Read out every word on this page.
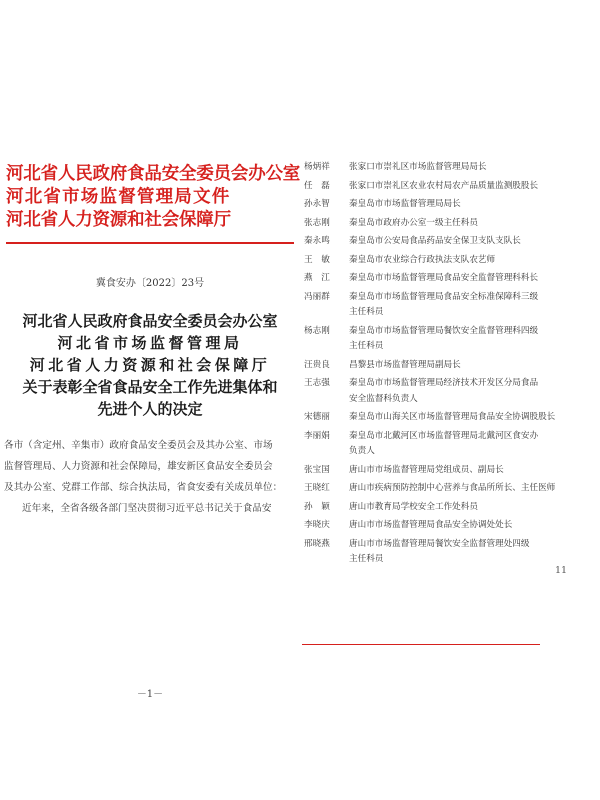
河北省人民政府食品安全委员会办公室
河北省市场监督管理局文件
河北省人力资源和社会保障厅
冀食安办〔2022〕23号
河北省人民政府食品安全委员会办公室
河北省市场监督管理局
河北省人力资源和社会保障厅
关于表彰全省食品安全工作先进集体和
先进个人的决定
各市（含定州、辛集市）政府食品安全委员会及其办公室、市场
监督管理局、人力资源和社会保障局，雄安新区食品安全委员会
及其办公室、党群工作部、综合执法局，省食安委有关成员单位：
近年来，全省各级各部门坚决贯彻习近平总书记关于食品安
－1－
杨炳祥	张家口市崇礼区市场监督管理局局长
任　磊	张家口市崇礼区农业农村局农产品质量监测股股长
孙永智	秦皇岛市市场监督管理局局长
张志刚	秦皇岛市政府办公室一级主任科员
秦永鸣	秦皇岛市公安局食品药品安全保卫支队支队长
王　敏	秦皇岛市农业综合行政执法支队农艺师
燕　江	秦皇岛市市场监督管理局食品安全监督管理科科长
冯丽群	秦皇岛市市场监督管理局食品安全标准保障科三级
主任科员
杨志刚	秦皇岛市市场监督管理局餐饮安全监督管理科四级
主任科员
汪贵良	昌黎县市场监督管理局副局长
王志强	秦皇岛市市场监督管理局经济技术开发区分局食品
安全监督科负责人
宋德丽	秦皇岛市山海关区市场监督管理局食品安全协调股股长
李丽娟	秦皇岛市北戴河区市场监督管理局北戴河区食安办
负责人
张宝国	唐山市市场监督管理局党组成员、副局长
王晓红	唐山市疾病预防控制中心营养与食品所所长、主任医师
孙　颖	唐山市教育局学校安全工作处科员
李晓庆	唐山市市场监督管理局食品安全协调处处长
邢晓燕	唐山市市场监督管理局餐饮安全监督管理处四级
主任科员
11
